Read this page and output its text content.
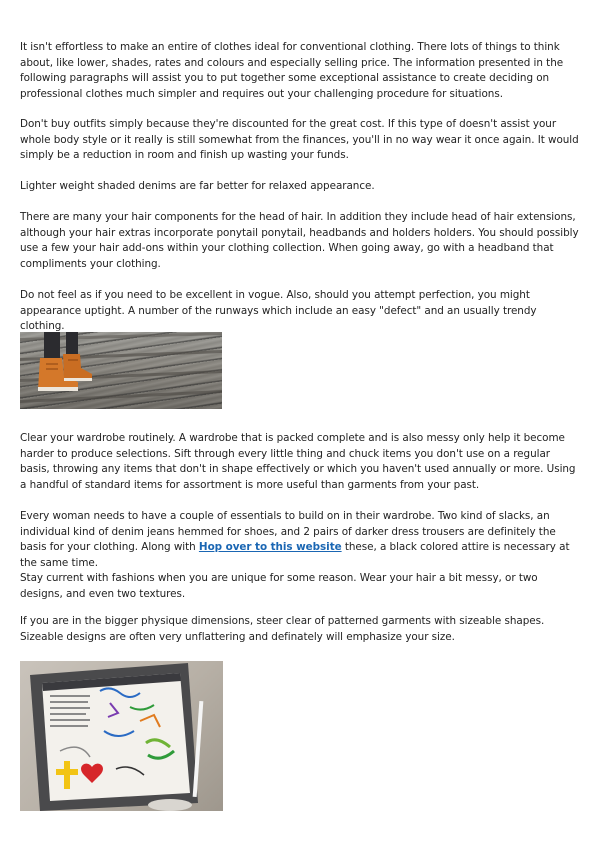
It isn't effortless to make an entire of clothes ideal for conventional clothing. There lots of things to think about, like lower, shades, rates and colours and especially selling price. The information presented in the following paragraphs will assist you to put together some exceptional assistance to create deciding on professional clothes much simpler and requires out your challenging procedure for situations.

Don't buy outfits simply because they're discounted for the great cost. If this type of doesn't assist your whole body style or it really is still somewhat from the finances, you'll in no way wear it once again. It would simply be a reduction in room and finish up wasting your funds.

Lighter weight shaded denims are far better for relaxed appearance.

There are many your hair components for the head of hair. In addition they include head of hair extensions, although your hair extras incorporate ponytail ponytail, headbands and holders holders. You should possibly use a few your hair add-ons within your clothing collection. When going away, go with a headband that compliments your clothing.

Do not feel as if you need to be excellent in vogue. Also, should you attempt perfection, you might appearance uptight. A number of the runways which include an easy "defect" and an usually trendy clothing.

Clear your wardrobe routinely. A wardrobe that is packed complete and is also messy only help it become harder to produce selections. Sift through every little thing and chuck items you don't use on a regular basis, throwing any items that don't in shape effectively or which you haven't used annually or more. Using a handful of standard items for assortment is more useful than garments from your past.

Every woman needs to have a couple of essentials to build on in their wardrobe. Two kind of slacks, an individual kind of denim jeans hemmed for shoes, and 2 pairs of darker dress trousers are definitely the basis for your clothing. Along with Hop over to this website these, a black colored attire is necessary at the same time.

Stay current with fashions when you are unique for some reason. Wear your hair a bit messy, or two designs, and even two textures.

If you are in the bigger physique dimensions, steer clear of patterned garments with sizeable shapes. Sizeable designs are often very unflattering and definately will emphasize your size.
